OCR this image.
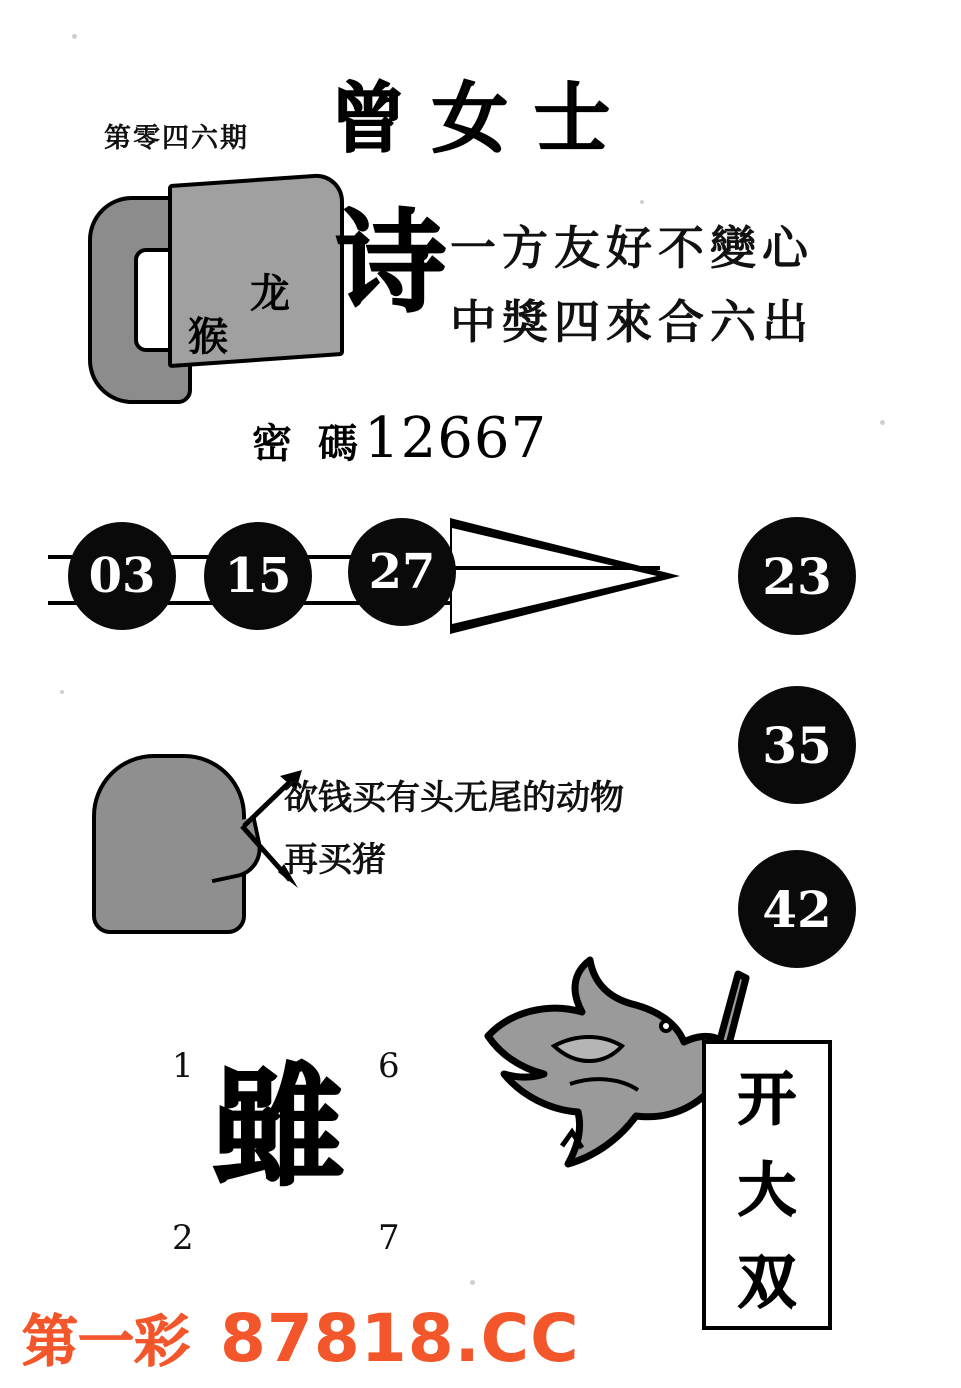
第零四六期 曾女士
龙
猴
诗 一方友好不變心
中獎四來合六出
密 碼12667
03	15	27	23
35
42
欲钱买有头无尾的动物
再买猪
1	6
2	7
雖	开
大
双
第一彩 87818.CC
